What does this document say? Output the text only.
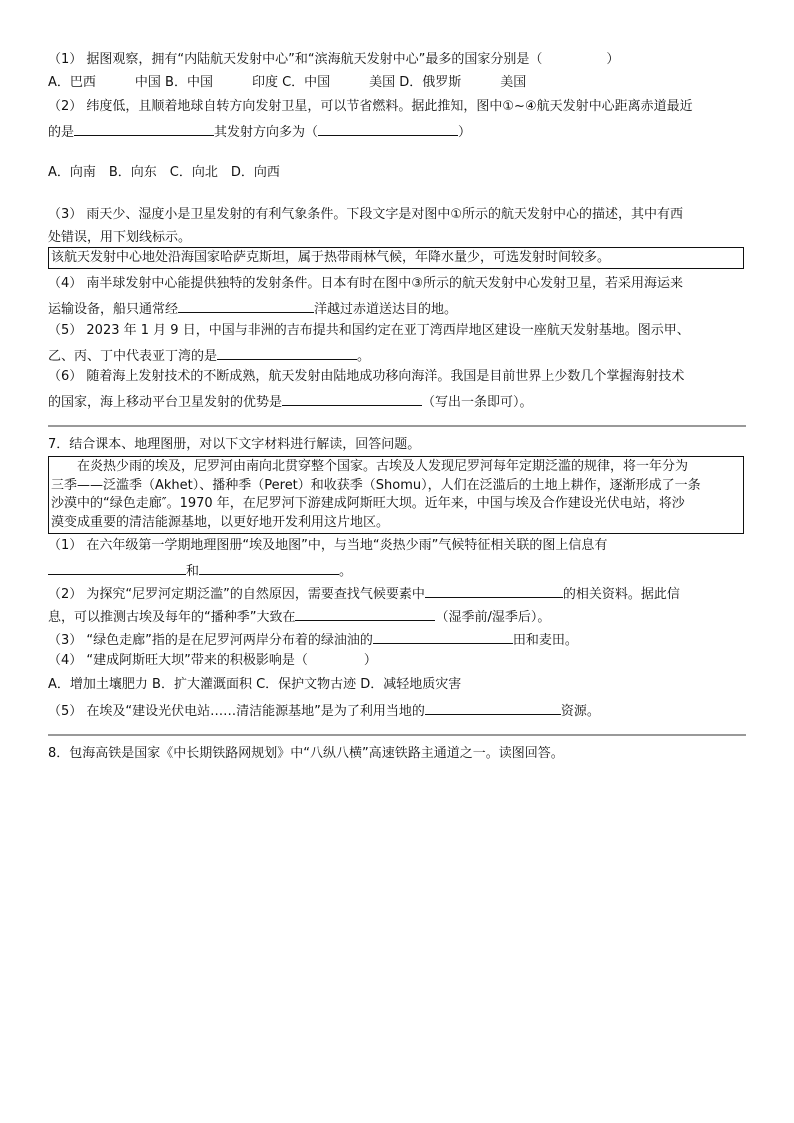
（1） 据图观察，拥有“内陆航天发射中心”和“滨海航天发射中心”最多的国家分别是（	）
A．巴西　　　中国 B．中国　　　印度 C．中国　　　美国 D．俄罗斯　　　美国
（2） 纬度低，且顺着地球自转方向发射卫星，可以节省燃料。据此推知，图中①~④航天发射中心距离赤道最近
的是	其发射方向多为（	）
A．向南　B．向东　C．向北　D．向西
（3） 雨天少、湿度小是卫星发射的有利气象条件。下段文字是对图中①所示的航天发射中心的描述，其中有西
处错误，用下划线标示。
该航天发射中心地处沿海国家哈萨克斯坦，属于热带雨林气候，年降水量少，可选发射时间较多。
（4） 南半球发射中心能提供独特的发射条件。日本有时在图中③所示的航天发射中心发射卫星，若采用海运来
运输设备，船只通常经	洋越过赤道送达目的地。
（5） 2023 年 1 月 9 日，中国与非洲的吉布提共和国约定在亚丁湾西岸地区建设一座航天发射基地。图示甲、
乙、丙、丁中代表亚丁湾的是	。
（6） 随着海上发射技术的不断成熟，航天发射由陆地成功移向海洋。我国是目前世界上少数几个掌握海射技术
的国家，海上移动平台卫星发射的优势是	（写出一条即可）。
7．结合课本、地理图册，对以下文字材料进行解读，回答问题。
　　在炎热少雨的埃及，尼罗河由南向北贯穿整个国家。古埃及人发现尼罗河每年定期泛滥的规律，将一年分为
三季——泛滥季（Akhet）、播种季（Peret）和收获季（Shomu），人们在泛滥后的土地上耕作，逐渐形成了一条
沙漠中的“绿色走廊″。1970 年，在尼罗河下游建成阿斯旺大坝。近年来，中国与埃及合作建设光伏电站，将沙
漠变成重要的清洁能源基地，以更好地开发利用这片地区。
（1） 在六年级第一学期地理图册“埃及地图”中，与当地“炎热少雨”气候特征相关联的图上信息有
和	。
（2） 为探究“尼罗河定期泛滥”的自然原因，需要查找气候要素中	的相关资料。据此信
息，可以推测古埃及每年的“播种季”大致在	（湿季前/湿季后）。
（3） “绿色走廊”指的是在尼罗河两岸分布着的绿油油的	田和麦田。
（4） “建成阿斯旺大坝”带来的积极影响是（	）
A．增加土壤肥力 B．扩大灌溉面积 C．保护文物古迹 D．减轻地质灾害
（5） 在埃及“建设光伏电站……清洁能源基地”是为了利用当地的	资源。
8．包海高铁是国家《中长期铁路网规划》中“八纵八横”高速铁路主通道之一。读图回答。
